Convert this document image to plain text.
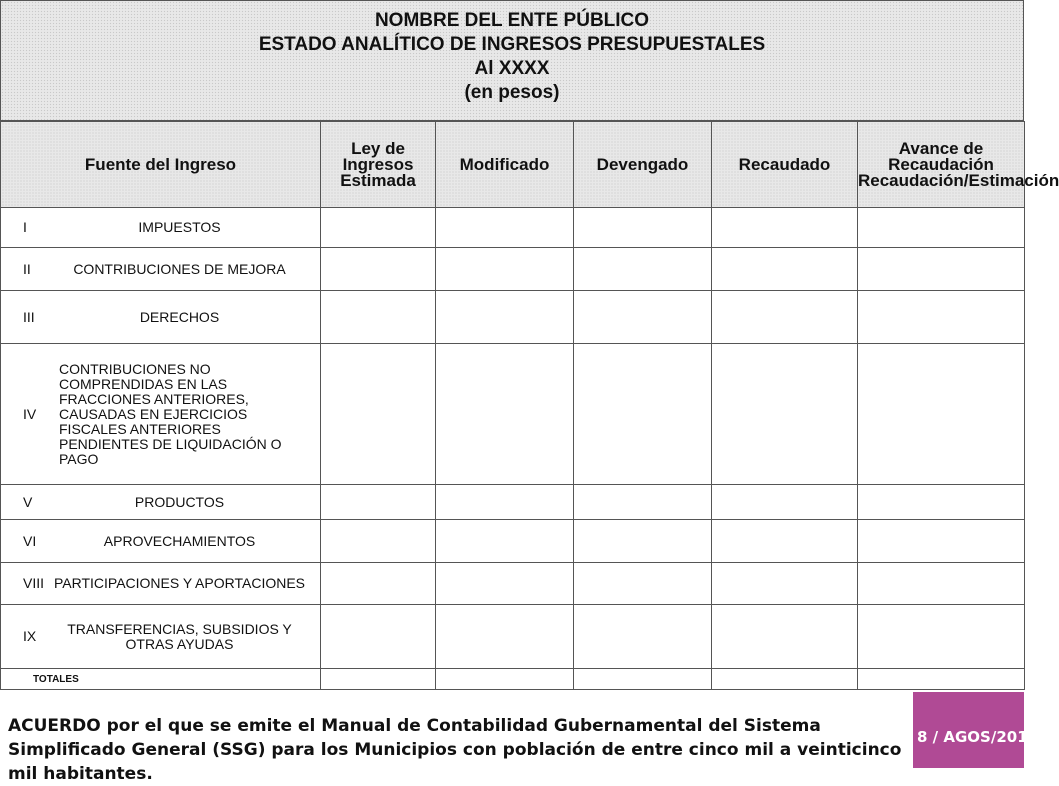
NOMBRE DEL ENTE PÚBLICO
ESTADO ANALÍTICO DE INGRESOS PRESUPUESTALES
Al XXXX
(en pesos)
Fuente del Ingreso	Ley de Ingresos Estimada	Modificado	Devengado	Recaudado	Avance de Recaudación Recaudación/Estimación

I IMPUESTOS					

II CONTRIBUCIONES DE MEJORA					

III DERECHOS					

IV
CONTRIBUCIONES NO COMPRENDIDAS EN LAS FRACCIONES ANTERIORES, CAUSADAS EN EJERCICIOS FISCALES ANTERIORES PENDIENTES DE LIQUIDACIÓN O PAGO					

V PRODUCTOS					

VI APROVECHAMIENTOS					

VIII PARTICIPACIONES Y APORTACIONES					

IX TRANSFERENCIAS, SUBSIDIOS Y OTRAS AYUDAS					

TOTALES					

ACUERDO por el que se emite el Manual de Contabilidad Gubernamental del Sistema Simplificado General (SSG) para los Municipios con población de entre cinco mil a veinticinco mil habitantes.
8 / AGOS/2011
